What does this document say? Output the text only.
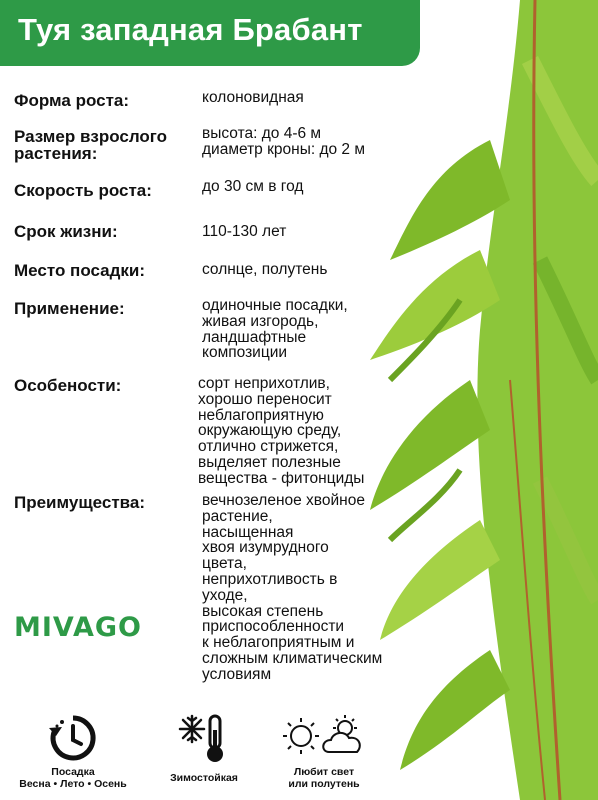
Туя западная Брабант
Форма роста:	колоновидная
Размер взрослого
растения:
высота: до 4-6 м
диаметр кроны: до 2 м
Скорость роста:	до 30 см в год
Срок жизни:	110-130 лет
Место посадки:	солнце, полутень
Применение:	одиночные посадки,
живая изгородь,
ландшафтные
композиции
Особености:	сорт неприхотлив,
хорошо переносит
неблагоприятную
окружающую среду,
отлично стрижется,
выделяет полезные
вещества - фитонциды
Преимущества:	вечнозеленое хвойное
растение,
насыщенная
хвоя изумрудного
цвета,
неприхотливость в
уходе,
высокая степень
приспособленности
к неблагоприятным и
сложным климатическим
условиям
MIVAGO
Посадка
Весна • Лето • Осень	Зимостойкая	Любит свет
или полутень
